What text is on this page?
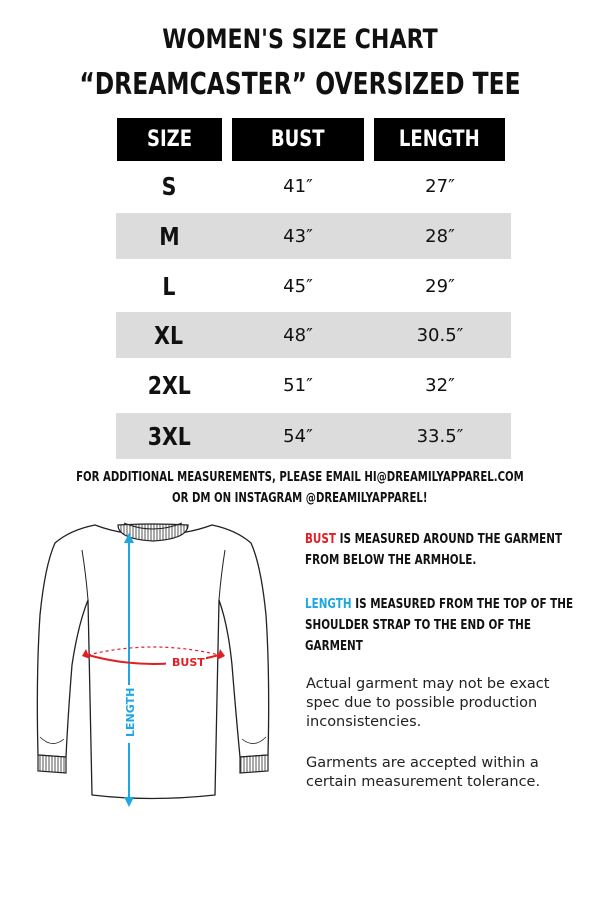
WOMEN'S SIZE CHART
“DREAMCASTER” OVERSIZED TEE
SIZE	BUST	LENGTH
S	41″	27″
M	43″	28″
L	45″	29″
XL	48″	30.5″
2XL	51″	32″
3XL	54″	33.5″
FOR ADDITIONAL MEASUREMENTS, PLEASE EMAIL HI@DREAMILYAPPAREL.COM
OR DM ON INSTAGRAM @DREAMILYAPPAREL!
LENGTH
BUST
BUST IS MEASURED AROUND THE GARMENT FROM BELOW THE ARMHOLE.
LENGTH IS MEASURED FROM THE TOP OF THE SHOULDER STRAP TO THE END OF THE GARMENT
Actual garment may not be exact spec due to possible production inconsistencies.
Garments are accepted within a certain measurement tolerance.
